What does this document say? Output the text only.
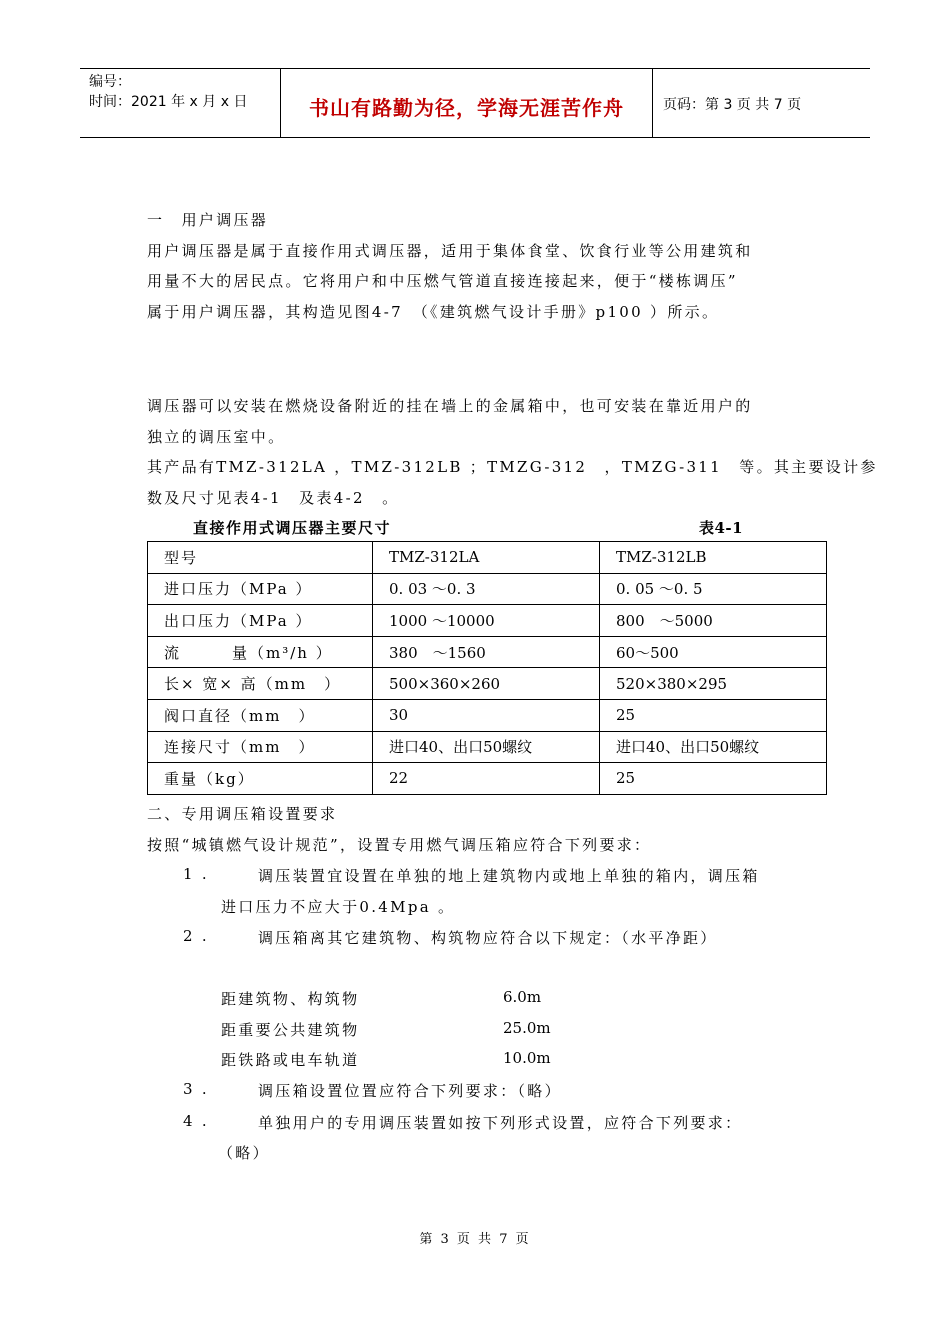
编号：
时间：2021 年 x 月 x 日	书山有路勤为径，学海无涯苦作舟	页码：第 3 页 共 7 页
一　用户调压器
用户调压器是属于直接作用式调压器，适用于集体食堂、饮食行业等公用建筑和
用量不大的居民点。它将用户和中压燃气管道直接连接起来，便于“楼栋调压”
属于用户调压器，其构造见图4-7　（《建筑燃气设计手册》p100 ）所示。
调压器可以安装在燃烧设备附近的挂在墙上的金属箱中，也可安装在靠近用户的
独立的调压室中。
其产品有TMZ-312LA ，TMZ-312LB ；TMZG-312　，TMZG-311　等。其主要设计参
数及尺寸见表4-1　及表4-2　。
直接作用式调压器主要尺寸	表4-1
型号	TMZ-312LA	TMZ-312LB
进口压力（MPa ）	0. 03 ～0. 3	0. 05 ～0. 5
出口压力（MPa ）	1000 ～10000	800　～5000
流　　　量（m³/h ）	380　～1560	60～500
长× 宽× 高（mm　）	500×360×260	520×380×295
阀口直径（mm　）	30	25
连接尺寸（mm　）	进口40、出口50螺纹	进口40、出口50螺纹
重量（kg）	22	25
二、专用调压箱设置要求
按照“城镇燃气设计规范”，设置专用燃气调压箱应符合下列要求：
1 .	调压装置宜设置在单独的地上建筑物内或地上单独的箱内，调压箱
进口压力不应大于0.4Mpa 。
2 .	调压箱离其它建筑物、构筑物应符合以下规定：（水平净距）
距建筑物、构筑物	6.0m
距重要公共建筑物	25.0m
距铁路或电车轨道	10.0m
3 .	调压箱设置位置应符合下列要求：（略）
4 .	单独用户的专用调压装置如按下列形式设置，应符合下列要求：
（略）
第 3 页 共 7 页
